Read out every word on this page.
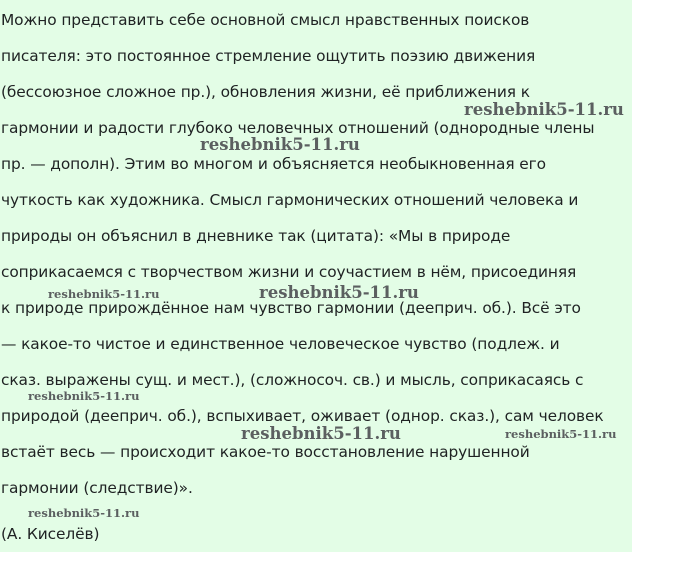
Можно представить себе основной смысл нравственных поисков
писателя: это постоянное стремление ощутить поэзию движения
(бессоюзное сложное пр.), обновления жизни, её приближения к
гармонии и радости глубоко человечных отношений (однородные члены
пр. — дополн). Этим во многом и объясняется необыкновенная его
чуткость как художника. Смысл гармонических отношений человека и
природы он объяснил в дневнике так (цитата): «Мы в природе
соприкасаемся с творчеством жизни и соучастием в нём, присоединяя
к природе прирождённое нам чувство гармонии (дееприч. об.). Всё это
— какое-то чистое и единственное человеческое чувство (подлеж. и
сказ. выражены сущ. и мест.), (сложносоч. св.) и мысль, соприкасаясь с
природой (дееприч. об.), вспыхивает, оживает (однор. сказ.), сам человек
встаёт весь — происходит какое-то восстановление нарушенной
гармонии (следствие)».
(А. Киселёв)
reshebnik5-11.ru
reshebnik5-11.ru
reshebnik5-11.ru	reshebnik5-11.ru
reshebnik5-11.ru
reshebnik5-11.ru	reshebnik5-11.ru
reshebnik5-11.ru
